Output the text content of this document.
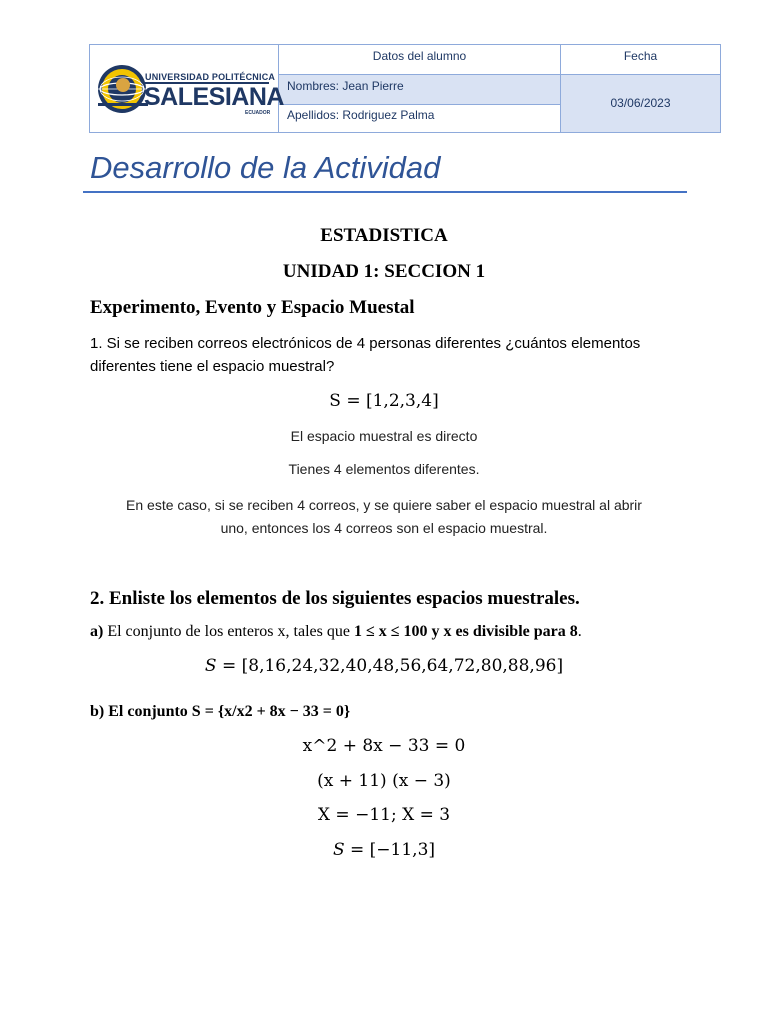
UNIVERSIDAD POLITÉCNICA
SALESIANA
ECUADOR
Datos del alumno	Fecha
Nombres: Jean Pierre
Apellidos: Rodriguez Palma
03/06/2023
Desarrollo de la Actividad
ESTADISTICA
UNIDAD 1: SECCION 1
Experimento, Evento y Espacio Muestal
1. Si se reciben correos electrónicos de 4 personas diferentes ¿cuántos elementos
diferentes tiene el espacio muestral?
S = [1,2,3,4]
El espacio muestral es directo
Tienes 4 elementos diferentes.
En este caso, si se reciben 4 correos, y se quiere saber el espacio muestral al abrir
uno, entonces los 4 correos son el espacio muestral.
2. Enliste los elementos de los siguientes espacios muestrales.
a) El conjunto de los enteros x, tales que 1 ≤ x ≤ 100 y x es divisible para 8.
S = [8,16,24,32,40,48,56,64,72,80,88,96]
b) El conjunto S = {x/x2 + 8x − 33 = 0}
x^2 + 8x − 33 = 0
(x + 11) (x − 3)
X = −11; X = 3
S = [−11,3]
